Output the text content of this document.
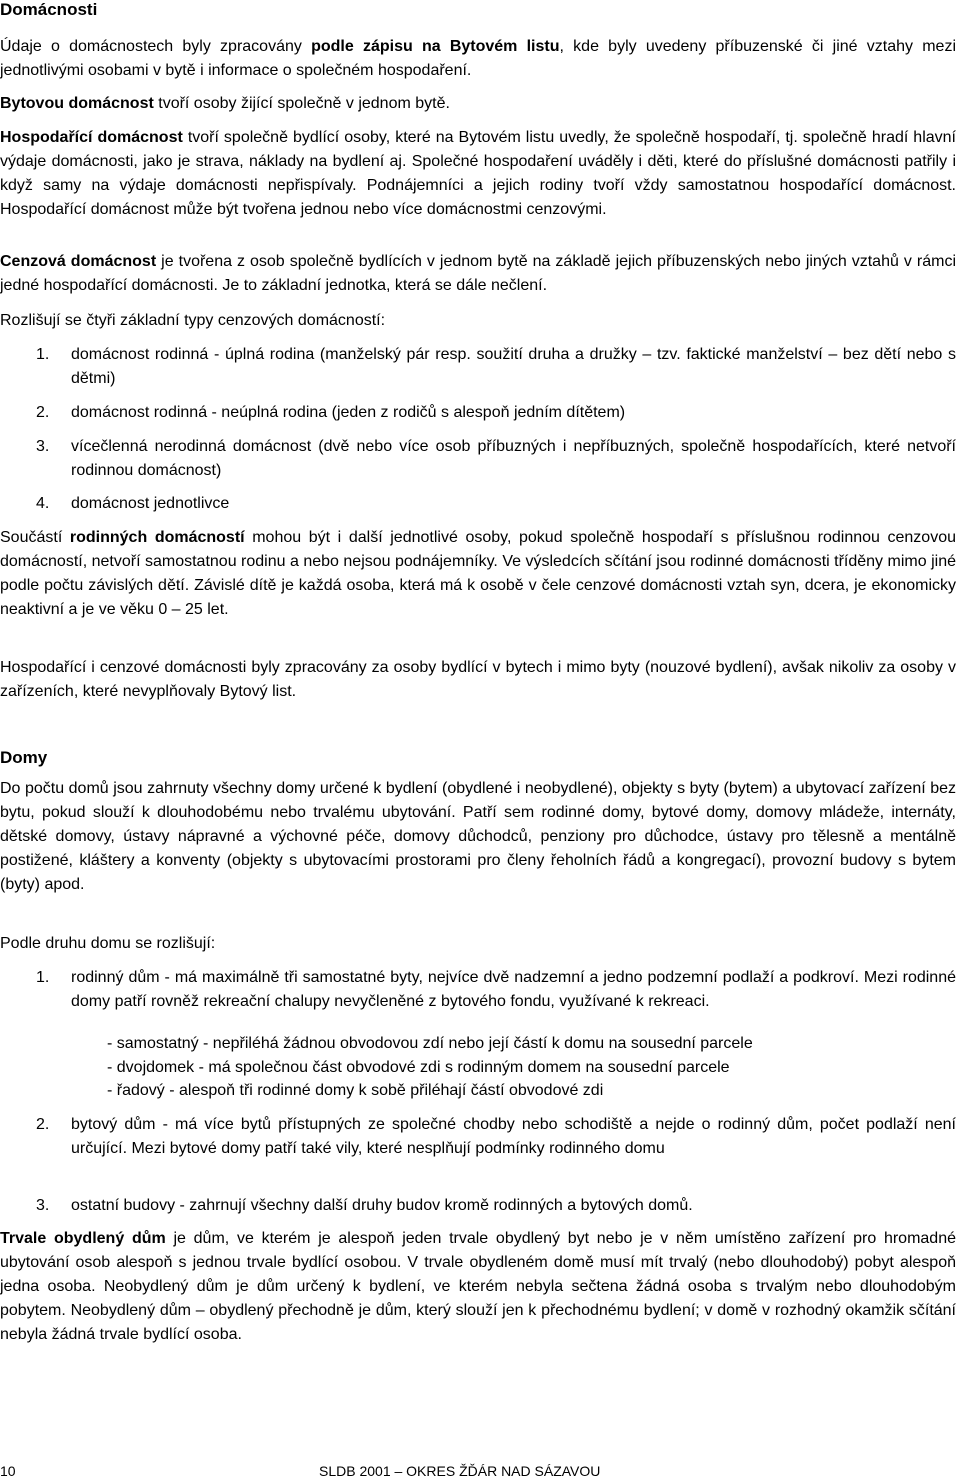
Domácnosti

Údaje o domácnostech byly zpracovány podle zápisu na Bytovém listu, kde byly uvedeny příbuzenské či jiné vztahy mezi jednotlivými osobami v bytě i informace o společném hospodaření.

Bytovou domácnost tvoří osoby žijící společně v jednom bytě.

Hospodařící domácnost tvoří společně bydlící osoby, které na Bytovém listu uvedly, že společně hospodaří, tj. společně hradí hlavní výdaje domácnosti, jako je strava, náklady na bydlení aj. Společné hospodaření uváděly i děti, které do příslušné domácnosti patřily i když samy na výdaje domácnosti nepřispívaly. Podnájemníci a jejich rodiny tvoří vždy samostatnou hospodařící domácnost. Hospodařící domácnost může být tvořena jednou nebo více domácnostmi cenzovými.

Cenzová domácnost je tvořena z osob společně bydlících v jednom bytě na základě jejich příbuzenských nebo jiných vztahů v rámci jedné hospodařící domácnosti. Je to základní jednotka, která se dále nečlení.

Rozlišují se čtyři základní typy cenzových domácností:

1. domácnost rodinná - úplná rodina (manželský pár resp. soužití druha a družky – tzv. faktické manželství – bez dětí nebo s dětmi)
2. domácnost rodinná - neúplná rodina (jeden z rodičů s alespoň jedním dítětem)
3. vícečlenná nerodinná domácnost (dvě nebo více osob příbuzných i nepříbuzných, společně hospodařících, které netvoří rodinnou domácnost)
4. domácnost jednotlivce

Součástí rodinných domácností mohou být i další jednotlivé osoby, pokud společně hospodaří s příslušnou rodinnou cenzovou domácností, netvoří samostatnou rodinu a nebo nejsou podnájemníky. Ve výsledcích sčítání jsou rodinné domácnosti tříděny mimo jiné podle počtu závislých dětí. Závislé dítě je každá osoba, která má k osobě v čele cenzové domácnosti vztah syn, dcera, je ekonomicky neaktivní a je ve věku 0 – 25 let.

Hospodařící i cenzové domácnosti byly zpracovány za osoby bydlící v bytech i mimo byty (nouzové bydlení), avšak nikoliv za osoby v zařízeních, které nevyplňovaly Bytový list.

Domy

Do počtu domů jsou zahrnuty všechny domy určené k bydlení (obydlené i neobydlené), objekty s byty (bytem) a ubytovací zařízení bez bytu, pokud slouží k dlouhodobému nebo trvalému ubytování. Patří sem rodinné domy, bytové domy, domovy mládeže, internáty, dětské domovy, ústavy nápravné a výchovné péče, domovy důchodců, penziony pro důchodce, ústavy pro tělesně a mentálně postižené, kláštery a konventy (objekty s ubytovacími prostorami pro členy řeholních řádů a kongregací), provozní budovy s bytem (byty) apod.

Podle druhu domu se rozlišují:

1. rodinný dům - má maximálně tři samostatné byty, nejvíce dvě nadzemní a jedno podzemní podlaží a podkroví. Mezi rodinné domy patří rovněž rekreační chalupy nevyčleněné z bytového fondu, využívané k rekreaci.
- samostatný - nepřiléhá žádnou obvodovou zdí nebo její částí k domu na sousední parcele
- dvojdomek - má společnou část obvodové zdi s rodinným domem na sousední parcele
- řadový - alespoň tři rodinné domy k sobě přiléhají částí obvodové zdi
2. bytový dům - má více bytů přístupných ze společné chodby nebo schodiště a nejde o rodinný dům, počet podlaží není určující. Mezi bytové domy patří také vily, které nesplňují podmínky rodinného domu
3. ostatní budovy - zahrnují všechny další druhy budov kromě rodinných a bytových domů.

Trvale obydlený dům je dům, ve kterém je alespoň jeden trvale obydlený byt nebo je v něm umístěno zařízení pro hromadné ubytování osob alespoň s jednou trvale bydlící osobou. V trvale obydleném domě musí mít trvalý (nebo dlouhodobý) pobyt alespoň jedna osoba. Neobydlený dům je dům určený k bydlení, ve kterém nebyla sečtena žádná osoba s trvalým nebo dlouhodobým pobytem. Neobydlený dům – obydlený přechodně je dům, který slouží jen k přechodnému bydlení; v domě v rozhodný okamžik sčítání nebyla žádná trvale bydlící osoba.

10	SLDB 2001 – OKRES ŽĎÁR NAD SÁZAVOU
